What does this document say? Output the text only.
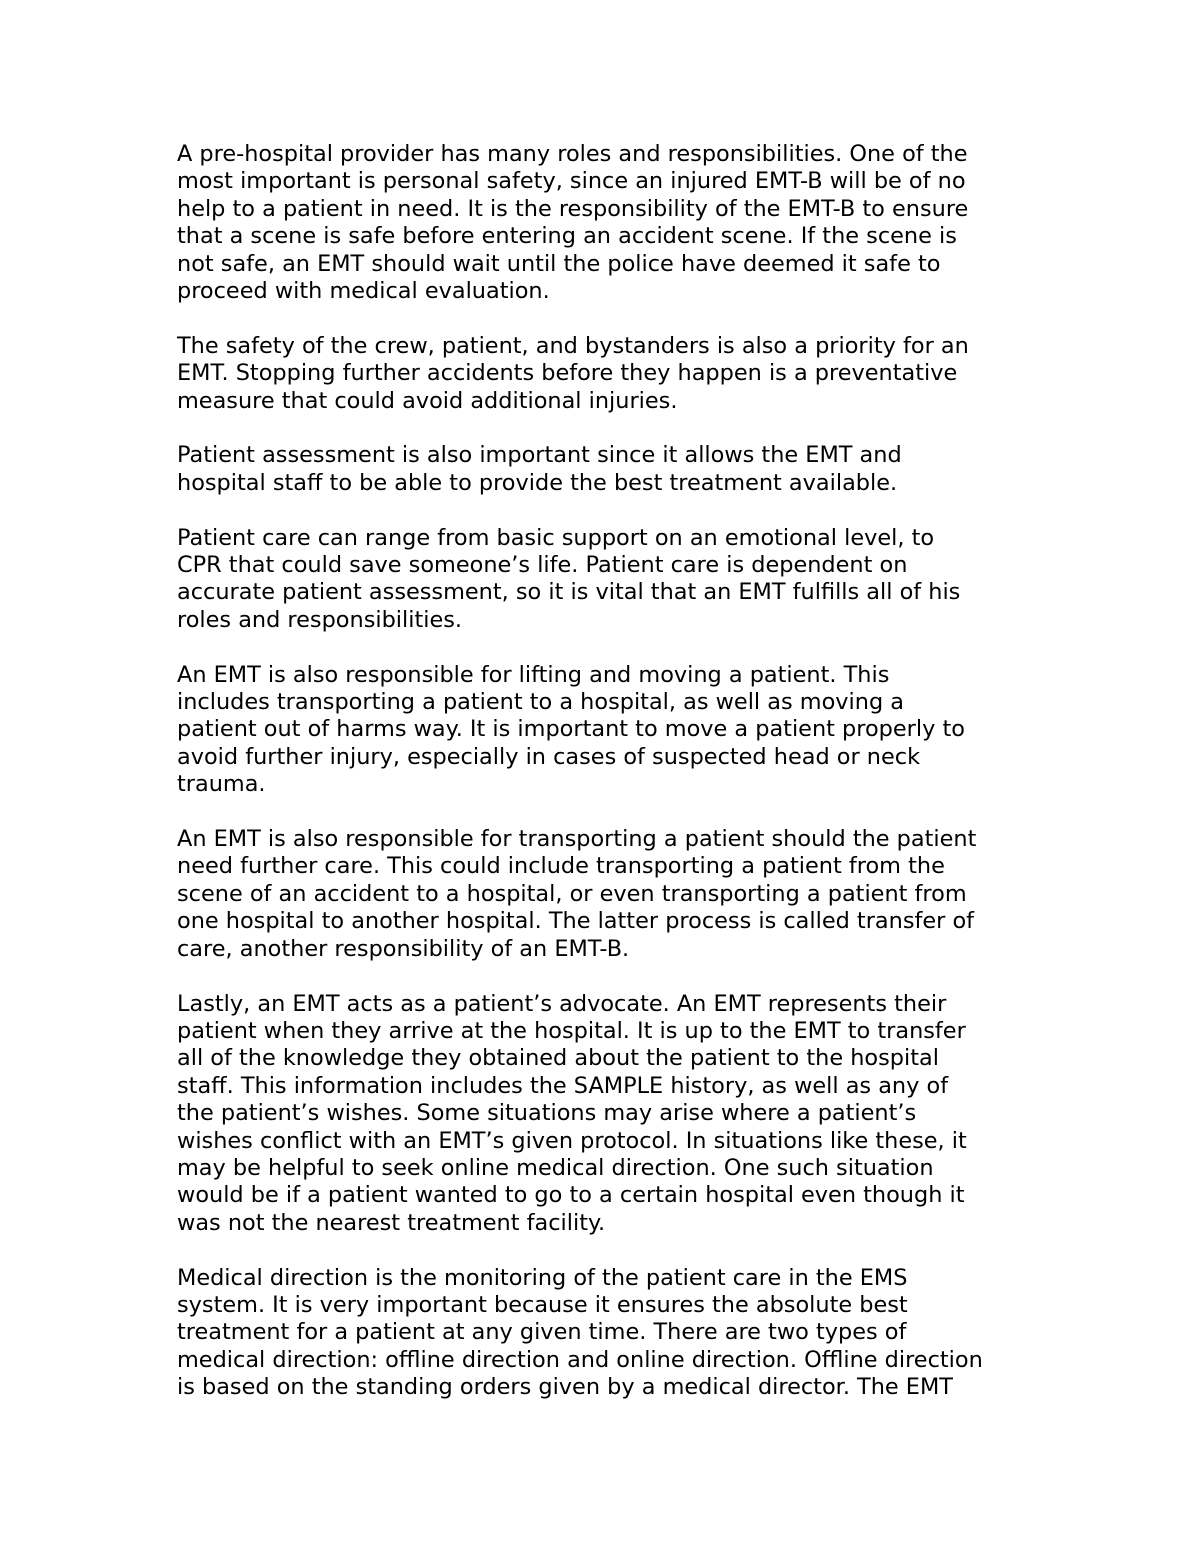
A pre-hospital provider has many roles and responsibilities. One of the
most important is personal safety, since an injured EMT-B will be of no
help to a patient in need. It is the responsibility of the EMT-B to ensure
that a scene is safe before entering an accident scene. If the scene is
not safe, an EMT should wait until the police have deemed it safe to
proceed with medical evaluation.

The safety of the crew, patient, and bystanders is also a priority for an
EMT. Stopping further accidents before they happen is a preventative
measure that could avoid additional injuries.

Patient assessment is also important since it allows the EMT and
hospital staff to be able to provide the best treatment available.

Patient care can range from basic support on an emotional level, to
CPR that could save someone’s life. Patient care is dependent on
accurate patient assessment, so it is vital that an EMT fulfills all of his
roles and responsibilities.

An EMT is also responsible for lifting and moving a patient. This
includes transporting a patient to a hospital, as well as moving a
patient out of harms way. It is important to move a patient properly to
avoid further injury, especially in cases of suspected head or neck
trauma.

An EMT is also responsible for transporting a patient should the patient
need further care. This could include transporting a patient from the
scene of an accident to a hospital, or even transporting a patient from
one hospital to another hospital. The latter process is called transfer of
care, another responsibility of an EMT-B.

Lastly, an EMT acts as a patient’s advocate. An EMT represents their
patient when they arrive at the hospital. It is up to the EMT to transfer
all of the knowledge they obtained about the patient to the hospital
staff. This information includes the SAMPLE history, as well as any of
the patient’s wishes. Some situations may arise where a patient’s
wishes conflict with an EMT’s given protocol. In situations like these, it
may be helpful to seek online medical direction. One such situation
would be if a patient wanted to go to a certain hospital even though it
was not the nearest treatment facility.

Medical direction is the monitoring of the patient care in the EMS
system. It is very important because it ensures the absolute best
treatment for a patient at any given time. There are two types of
medical direction: offline direction and online direction. Offline direction
is based on the standing orders given by a medical director. The EMT
